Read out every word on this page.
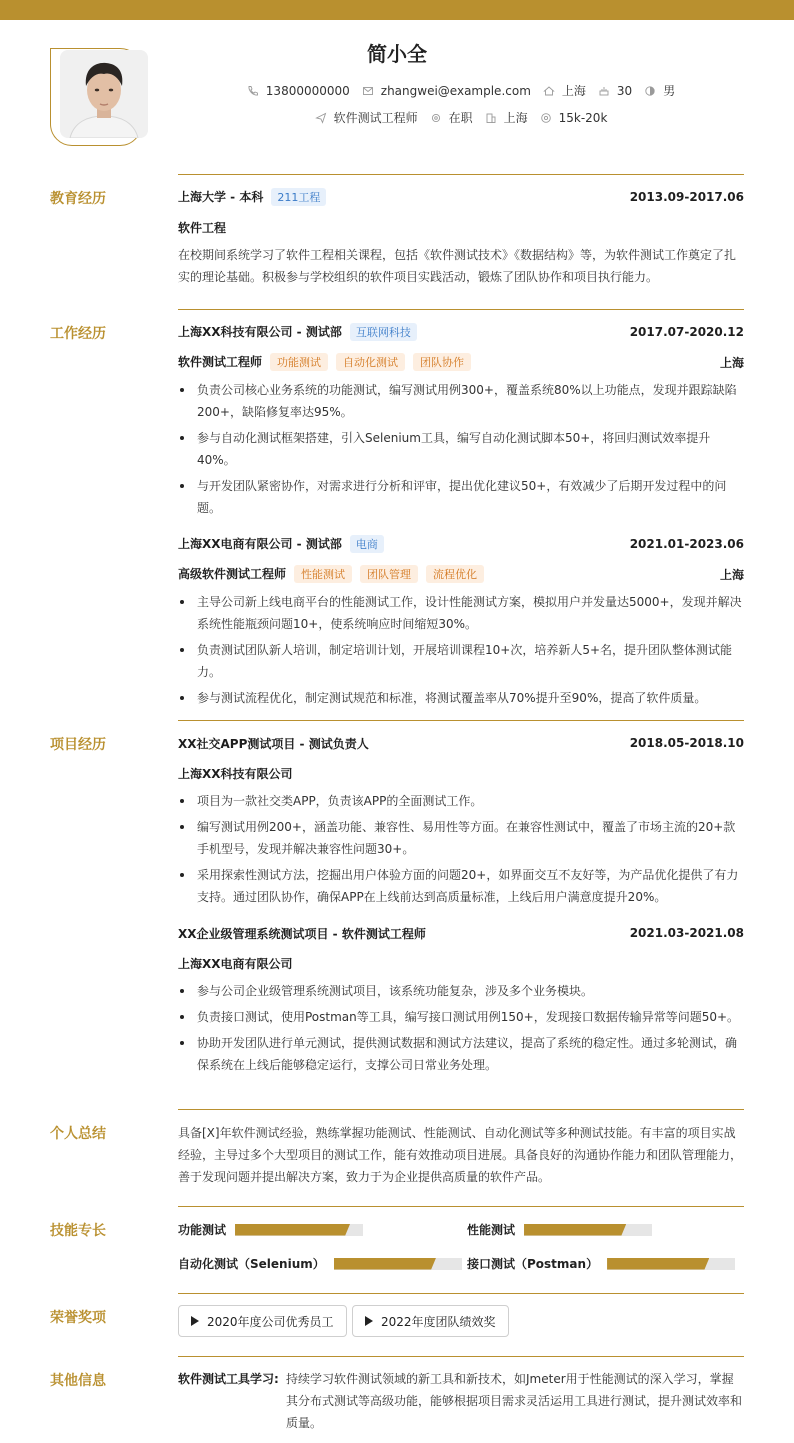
简小全
13800000000	zhangwei@example.com	上海	30	男
软件测试工程师	在职	上海	15k-20k
教育经历	上海大学 - 本科 211工程	2013.09-2017.06
软件工程
在校期间系统学习了软件工程相关课程，包括《软件测试技术》《数据结构》等，为软件测试工作奠定了扎实的理论基础。积极参与学校组织的软件项目实践活动，锻炼了团队协作和项目执行能力。
工作经历	上海XX科技有限公司 - 测试部 互联网科技	2017.07-2020.12
软件测试工程师 功能测试 自动化测试 团队协作	上海
负责公司核心业务系统的功能测试，编写测试用例300+，覆盖系统80%以上功能点，发现并跟踪缺陷200+，缺陷修复率达95%。
参与自动化测试框架搭建，引入Selenium工具，编写自动化测试脚本50+，将回归测试效率提升40%。
与开发团队紧密协作，对需求进行分析和评审，提出优化建议50+，有效减少了后期开发过程中的问题。
上海XX电商有限公司 - 测试部 电商	2021.01-2023.06
高级软件测试工程师 性能测试 团队管理 流程优化	上海
主导公司新上线电商平台的性能测试工作，设计性能测试方案，模拟用户并发量达5000+，发现并解决系统性能瓶颈问题10+，使系统响应时间缩短30%。
负责测试团队新人培训，制定培训计划，开展培训课程10+次，培养新人5+名，提升团队整体测试能力。
参与测试流程优化，制定测试规范和标准，将测试覆盖率从70%提升至90%，提高了软件质量。
项目经历	XX社交APP测试项目 - 测试负责人	2018.05-2018.10
上海XX科技有限公司
项目为一款社交类APP，负责该APP的全面测试工作。
编写测试用例200+，涵盖功能、兼容性、易用性等方面。在兼容性测试中，覆盖了市场主流的20+款手机型号，发现并解决兼容性问题30+。
采用探索性测试方法，挖掘出用户体验方面的问题20+，如界面交互不友好等，为产品优化提供了有力支持。通过团队协作，确保APP在上线前达到高质量标准，上线后用户满意度提升20%。
XX企业级管理系统测试项目 - 软件测试工程师	2021.03-2021.08
上海XX电商有限公司
参与公司企业级管理系统测试项目，该系统功能复杂，涉及多个业务模块。
负责接口测试，使用Postman等工具，编写接口测试用例150+，发现接口数据传输异常等问题50+。
协助开发团队进行单元测试，提供测试数据和测试方法建议，提高了系统的稳定性。通过多轮测试，确保系统在上线后能够稳定运行，支撑公司日常业务处理。
个人总结	具备[X]年软件测试经验，熟练掌握功能测试、性能测试、自动化测试等多种测试技能。有丰富的项目实战经验，主导过多个大型项目的测试工作，能有效推动项目进展。具备良好的沟通协作能力和团队管理能力，善于发现问题并提出解决方案，致力于为企业提供高质量的软件产品。
技能专长	功能测试	性能测试
自动化测试（Selenium）	接口测试（Postman）
荣誉奖项	2020年度公司优秀员工	2022年度团队绩效奖
其他信息	软件测试工具学习: 持续学习软件测试领域的新工具和新技术，如Jmeter用于性能测试的深入学习，掌握其分布式测试等高级功能，能够根据项目需求灵活运用工具进行测试，提升测试效率和质量。
